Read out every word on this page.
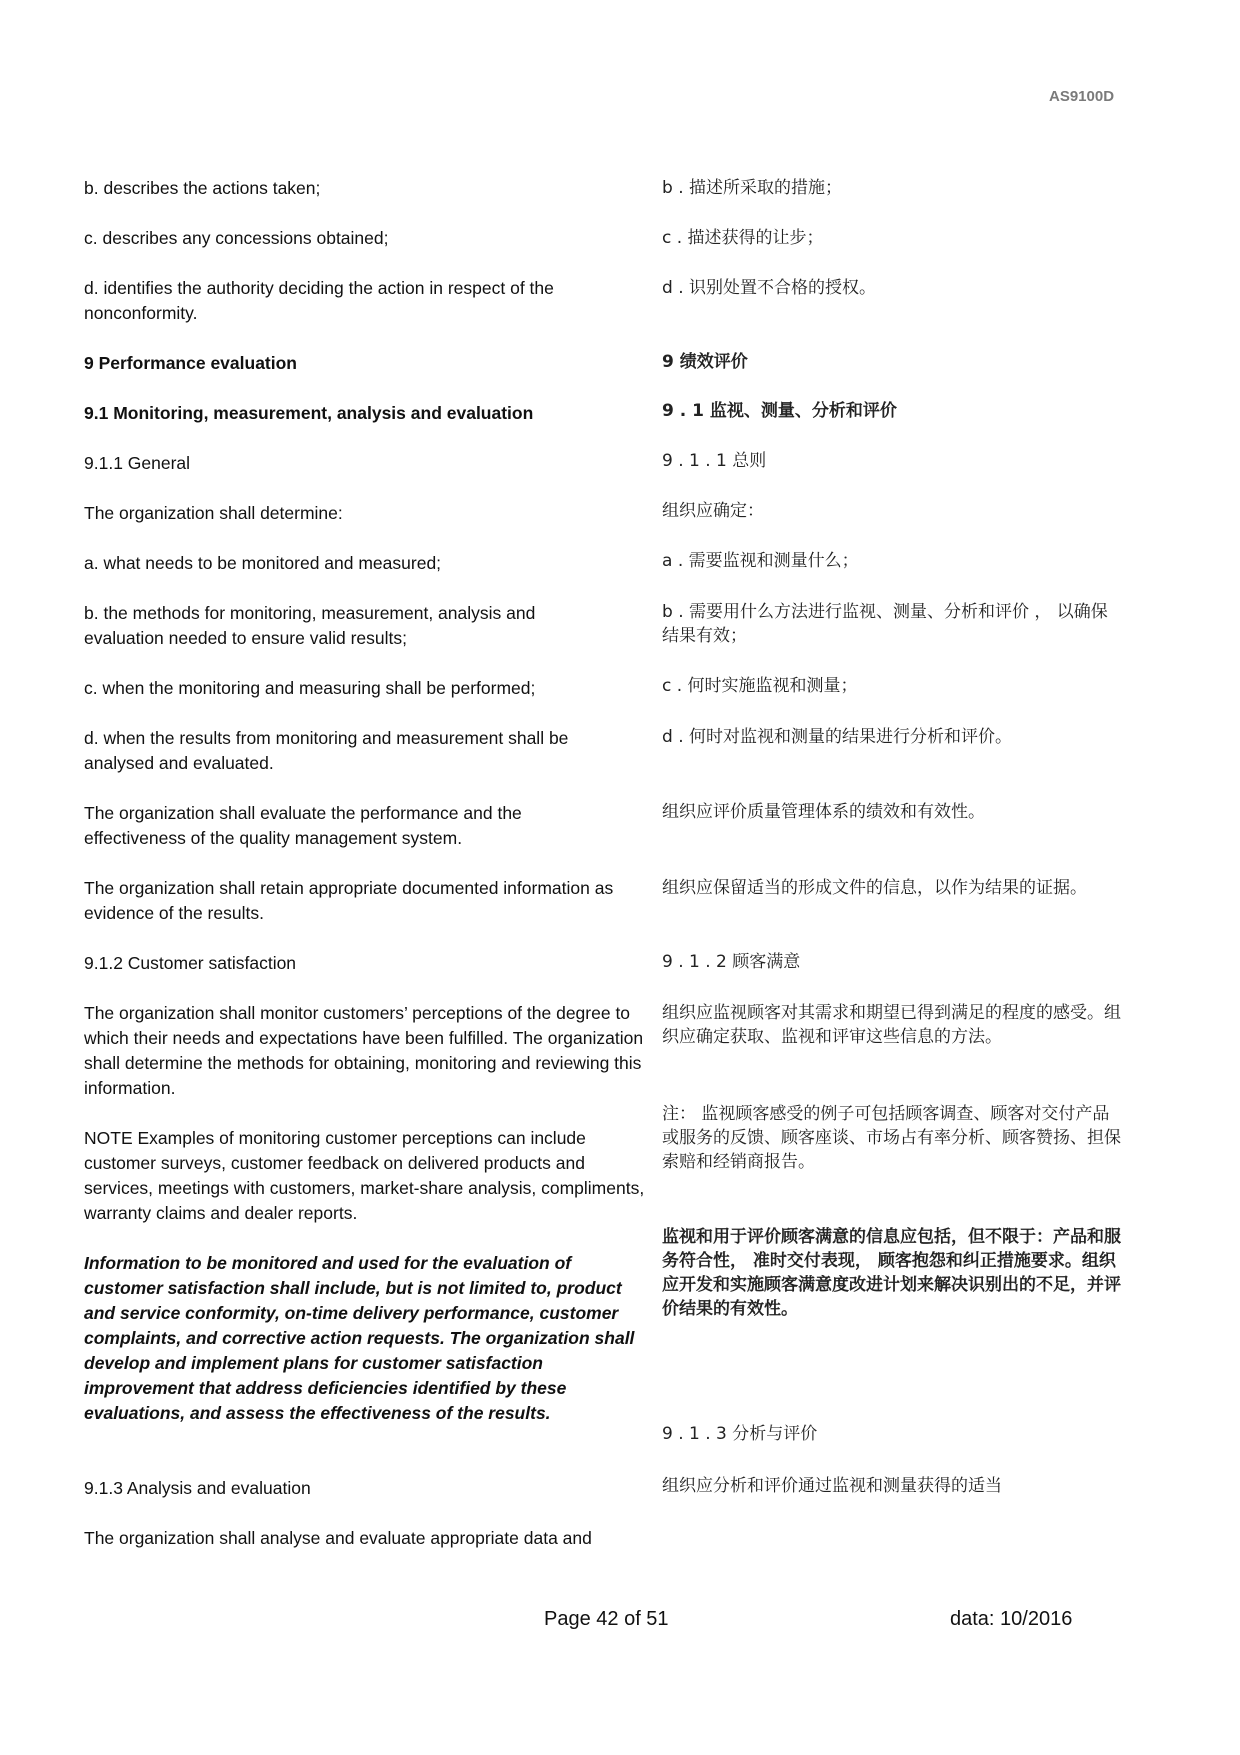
AS9100D

b. describes the actions taken;

c. describes any concessions obtained;

d. identifies the authority deciding the action in respect of the nonconformity.

9 Performance evaluation

9.1 Monitoring, measurement, analysis and evaluation

9.1.1 General

The organization shall determine:

a. what needs to be monitored and measured;

b. the methods for monitoring, measurement, analysis and evaluation needed to ensure valid results;

c. when the monitoring and measuring shall be performed;

d. when the results from monitoring and measurement shall be analysed and evaluated.

The organization shall evaluate the performance and the effectiveness of the quality management system.

The organization shall retain appropriate documented information as evidence of the results.

9.1.2 Customer satisfaction

The organization shall monitor customers’ perceptions of the degree to which their needs and expectations have been fulfilled. The organization shall determine the methods for obtaining, monitoring and reviewing this information.

NOTE Examples of monitoring customer perceptions can include customer surveys, customer feedback on delivered products and services, meetings with customers, market-share analysis, compliments, warranty claims and dealer reports.

Information to be monitored and used for the evaluation of customer satisfaction shall include, but is not limited to, product and service conformity, on-time delivery performance, customer complaints, and corrective action requests. The organization shall develop and implement plans for customer satisfaction improvement that address deficiencies identified by these evaluations, and assess the effectiveness of the results.

9.1.3 Analysis and evaluation

The organization shall analyse and evaluate appropriate data and

b . 描述所采取的措施；

c . 描述获得的让步；

d . 识别处置不合格的授权。

9 绩效评价

9 . 1 监视、测量、分析和评价

9 . 1 . 1 总则

组织应确定：

a . 需要监视和测量什么；

b . 需要用什么方法进行监视、测量、分析和评价 ， 以确保结果有效；

c . 何时实施监视和测量；

d . 何时对监视和测量的结果进行分析和评价。

组织应评价质量管理体系的绩效和有效性。

组织应保留适当的形成文件的信息，以作为结果的证据。

9 . 1 . 2 顾客满意

组织应监视顾客对其需求和期望已得到满足的程度的感受。组织应确定获取、监视和评审这些信息的方法。

注： 监视顾客感受的例子可包括顾客调查、顾客对交付产品或服务的反馈、顾客座谈、市场占有率分析、顾客赞扬、担保索赔和经销商报告。

监视和用于评价顾客满意的信息应包括，但不限于：产品和服务符合性， 准时交付表现， 顾客抱怨和纠正措施要求。组织应开发和实施顾客满意度改进计划来解决识别出的不足，并评价结果的有效性。

9 . 1 . 3 分析与评价

组织应分析和评价通过监视和测量获得的适当

Page 42 of 51	data: 10/2016
